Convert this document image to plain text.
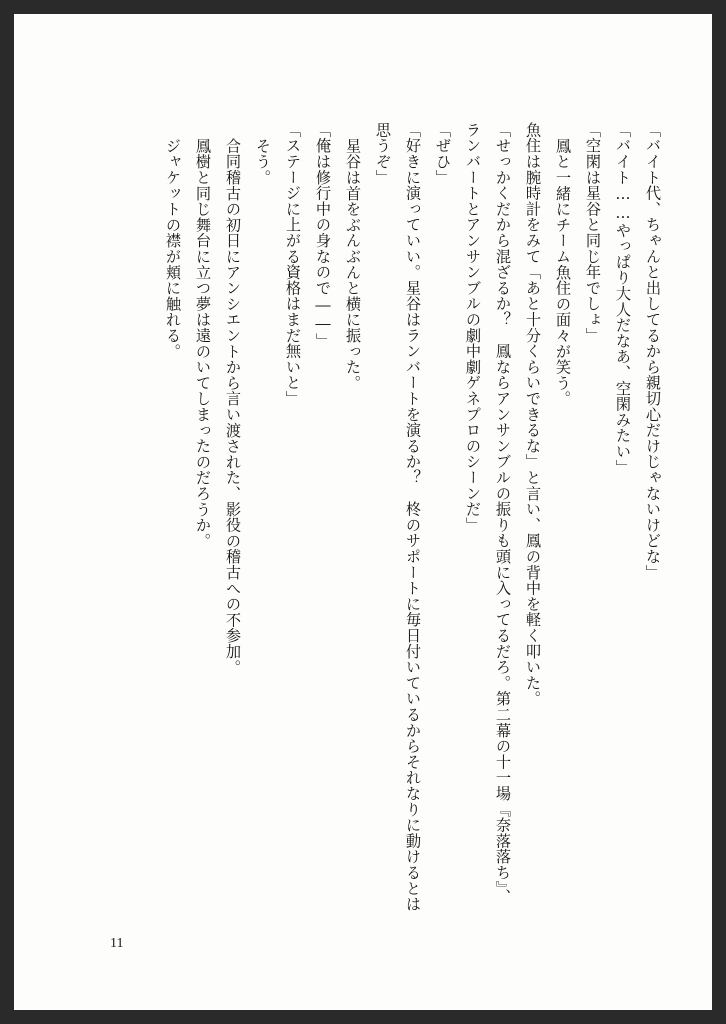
「バイト代、ちゃんと出してるから親切心だけじゃないけどな」

「バイト……やっぱり大人だなあ、空閑みたい」

「空閑は星谷と同じ年でしょ」

鳳と一緒にチーム魚住の面々が笑う。

魚住は腕時計をみて「あと十分くらいできるな」と言い、鳳の背中を軽く叩いた。

「せっかくだから混ざるか？　鳳ならアンサンブルの振りも頭に入ってるだろ。第二幕の十一場『奈落落ち』、ランバートとアンサンブルの劇中劇ゲネプロのシーンだ」

「ぜひ」

「好きに演っていい。星谷はランバートを演るか？　柊のサポートに毎日付いているからそれなりに動けるとは思うぞ」

星谷は首をぶんぶんと横に振った。

「俺は修行中の身なので――」

「ステージに上がる資格はまだ無いと」

そう。

合同稽古の初日にアンシエントから言い渡された、影役の稽古への不参加。

鳳樹と同じ舞台に立つ夢は遠のいてしまったのだろうか。

ジャケットの襟が頬に触れる。

11
